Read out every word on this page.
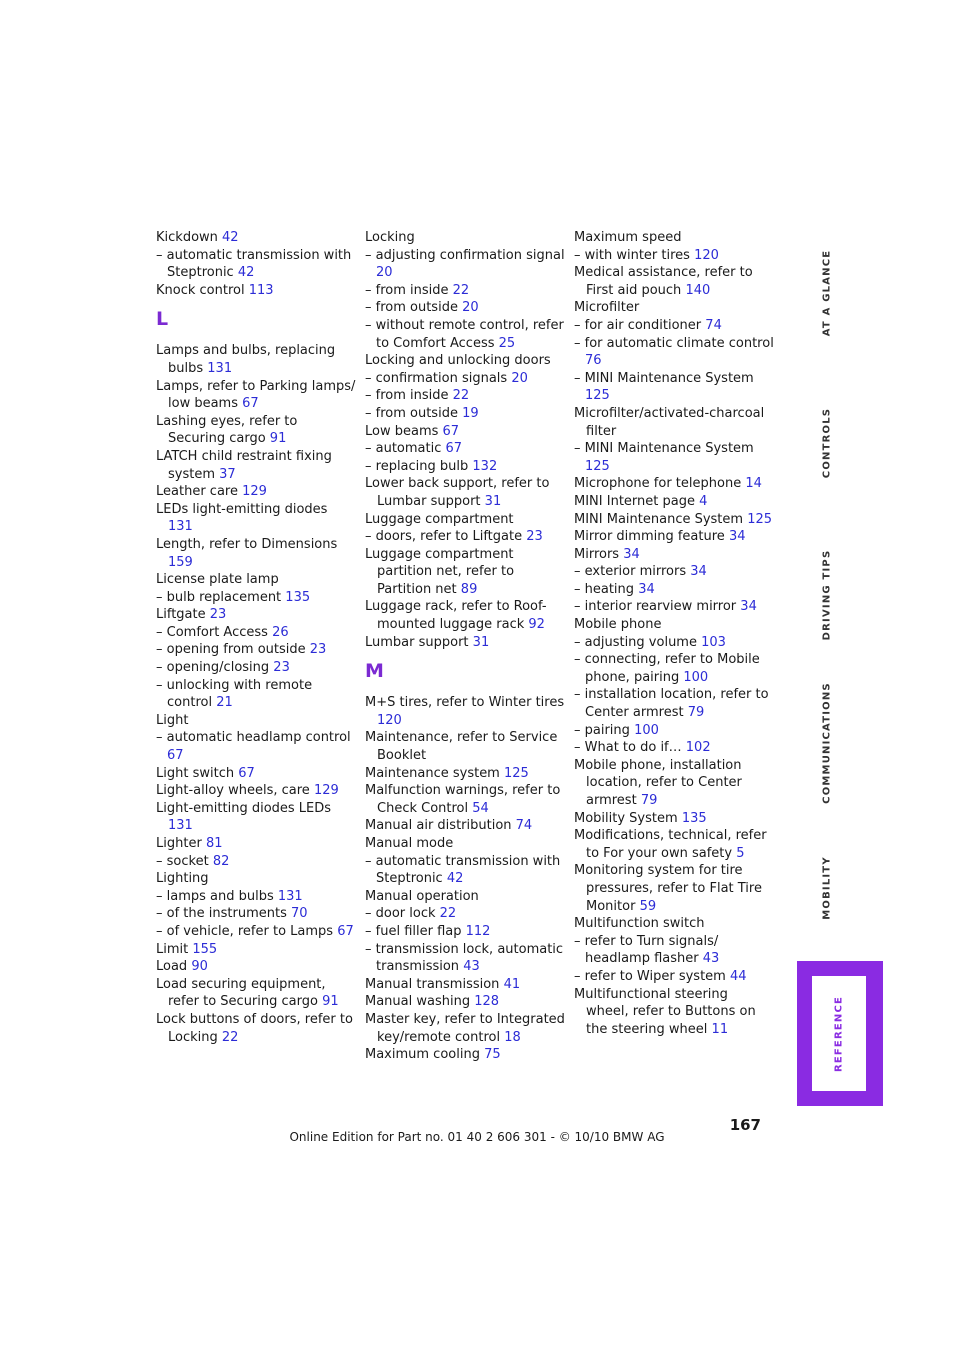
Kickdown 42

– automatic transmission with Steptronic 42

Knock control 113

L

Lamps and bulbs, replacing bulbs 131

Lamps, refer to Parking lamps/ low beams 67

Lashing eyes, refer to Securing cargo 91

LATCH child restraint fixing system 37

Leather care 129

LEDs light-emitting diodes 131

Length, refer to Dimensions 159

License plate lamp

– bulb replacement 135

Liftgate 23

– Comfort Access 26

– opening from outside 23

– opening/closing 23

– unlocking with remote control 21

Light

– automatic headlamp control 67

Light switch 67

Light-alloy wheels, care 129

Light-emitting diodes LEDs 131

Lighter 81

– socket 82

Lighting

– lamps and bulbs 131

– of the instruments 70

– of vehicle, refer to Lamps 67

Limit 155

Load 90

Load securing equipment, refer to Securing cargo 91

Lock buttons of doors, refer to Locking 22

Locking

– adjusting confirmation signal 20

– from inside 22

– from outside 20

– without remote control, refer to Comfort Access 25

Locking and unlocking doors

– confirmation signals 20

– from inside 22

– from outside 19

Low beams 67

– automatic 67

– replacing bulb 132

Lower back support, refer to Lumbar support 31

Luggage compartment

– doors, refer to Liftgate 23

Luggage compartment partition net, refer to Partition net 89

Luggage rack, refer to Roof-mounted luggage rack 92

Lumbar support 31

M

M+S tires, refer to Winter tires 120

Maintenance, refer to Service Booklet

Maintenance system 125

Malfunction warnings, refer to Check Control 54

Manual air distribution 74

Manual mode

– automatic transmission with Steptronic 42

Manual operation

– door lock 22

– fuel filler flap 112

– transmission lock, automatic transmission 43

Manual transmission 41

Manual washing 128

Master key, refer to Integrated key/remote control 18

Maximum cooling 75

Maximum speed

– with winter tires 120

Medical assistance, refer to First aid pouch 140

Microfilter

– for air conditioner 74

– for automatic climate control 76

– MINI Maintenance System 125

Microfilter/activated-charcoal filter

– MINI Maintenance System 125

Microphone for telephone 14

MINI Internet page 4

MINI Maintenance System 125

Mirror dimming feature 34

Mirrors 34

– exterior mirrors 34

– heating 34

– interior rearview mirror 34

Mobile phone

– adjusting volume 103

– connecting, refer to Mobile phone, pairing 100

– installation location, refer to Center armrest 79

– pairing 100

– What to do if… 102

Mobile phone, installation location, refer to Center armrest 79

Mobility System 135

Modifications, technical, refer to For your own safety 5

Monitoring system for tire pressures, refer to Flat Tire Monitor 59

Multifunction switch

– refer to Turn signals/ headlamp flasher 43

– refer to Wiper system 44

Multifunctional steering wheel, refer to Buttons on the steering wheel 11

AT A GLANCE
CONTROLS
DRIVING TIPS
COMMUNICATIONS
MOBILITY
REFERENCE
167
Online Edition for Part no. 01 40 2 606 301 - © 10/10 BMW AG
